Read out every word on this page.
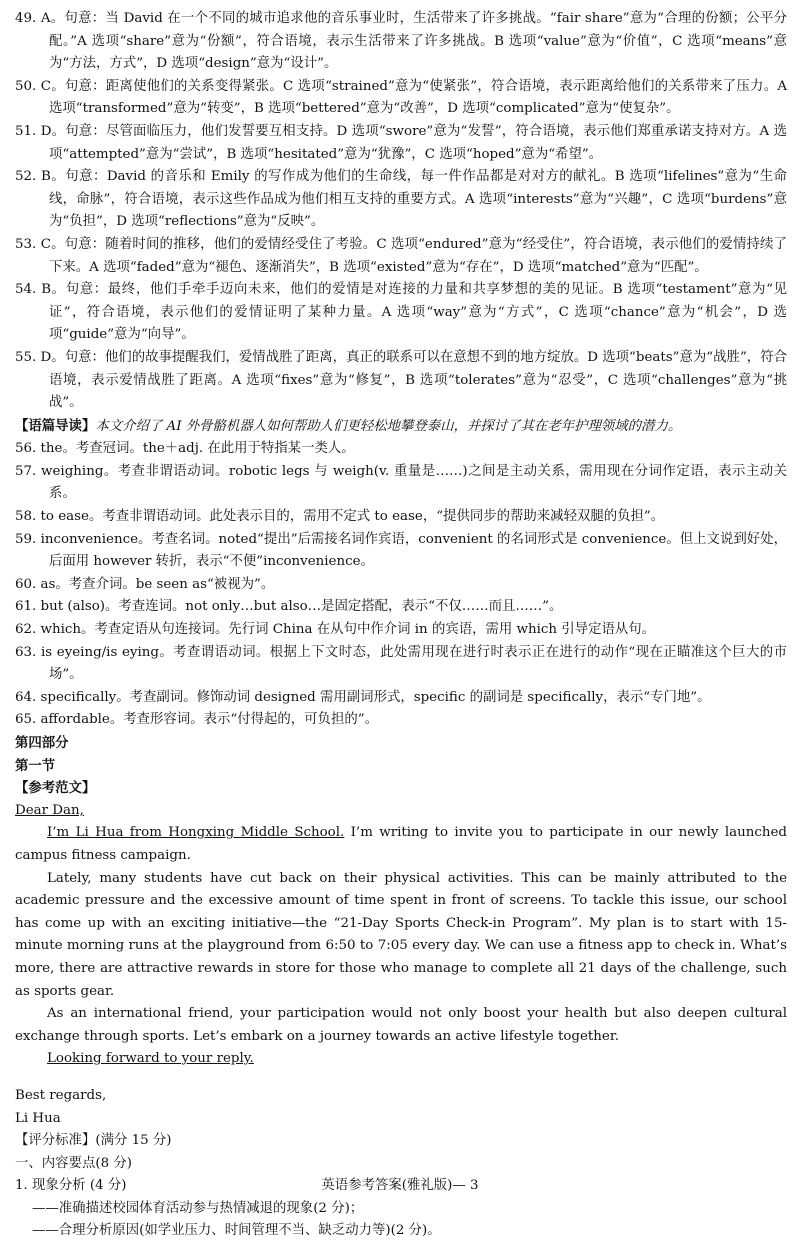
49. A。句意：当 David 在一个不同的城市追求他的音乐事业时，生活带来了许多挑战。“fair share”意为“合理的份额；公平分配。”A 选项“share”意为“份额”，符合语境，表示生活带来了许多挑战。B 选项“value”意为“价值”，C 选项“means”意为“方法，方式”，D 选项“design”意为“设计”。

50. C。句意：距离使他们的关系变得紧张。C 选项“strained”意为“使紧张”，符合语境，表示距离给他们的关系带来了压力。A 选项“transformed”意为“转变”，B 选项“bettered”意为“改善”，D 选项“complicated”意为“使复杂”。

51. D。句意：尽管面临压力，他们发誓要互相支持。D 选项“swore”意为“发誓”，符合语境，表示他们郑重承诺支持对方。A 选项“attempted”意为“尝试”，B 选项“hesitated”意为“犹豫”，C 选项“hoped”意为“希望”。

52. B。句意：David 的音乐和 Emily 的写作成为他们的生命线，每一件作品都是对对方的献礼。B 选项“lifelines”意为“生命线，命脉”，符合语境，表示这些作品成为他们相互支持的重要方式。A 选项“interests”意为“兴趣”，C 选项“burdens”意为“负担”，D 选项“reflections”意为“反映”。

53. C。句意：随着时间的推移，他们的爱情经受住了考验。C 选项“endured”意为“经受住”，符合语境，表示他们的爱情持续了下来。A 选项“faded”意为“褪色、逐渐消失”，B 选项“existed”意为“存在”，D 选项“matched”意为“匹配”。

54. B。句意：最终，他们手牵手迈向未来，他们的爱情是对连接的力量和共享梦想的美的见证。B 选项“testament”意为“见证”，符合语境，表示他们的爱情证明了某种力量。A 选项“way”意为“方式”，C 选项“chance”意为“机会”，D 选项“guide”意为“向导”。

55. D。句意：他们的故事提醒我们，爱情战胜了距离，真正的联系可以在意想不到的地方绽放。D 选项“beats”意为“战胜”，符合语境，表示爱情战胜了距离。A 选项“fixes”意为“修复”，B 选项“tolerates”意为“忍受”，C 选项“challenges”意为“挑战”。

【语篇导读】本文介绍了 AI 外骨骼机器人如何帮助人们更轻松地攀登泰山，并探讨了其在老年护理领域的潜力。

56. the。考查冠词。the＋adj. 在此用于特指某一类人。

57. weighing。考查非谓语动词。robotic legs 与 weigh(v. 重量是……)之间是主动关系，需用现在分词作定语，表示主动关系。

58. to ease。考查非谓语动词。此处表示目的，需用不定式 to ease，“提供同步的帮助来减轻双腿的负担”。

59. inconvenience。考查名词。noted“提出”后需接名词作宾语，convenient 的名词形式是 convenience。但上文说到好处，后面用 however 转折，表示“不便”inconvenience。

60. as。考查介词。be seen as“被视为”。

61. but (also)。考查连词。not only…but also…是固定搭配，表示“不仅……而且……”。

62. which。考查定语从句连接词。先行词 China 在从句中作介词 in 的宾语，需用 which 引导定语从句。

63. is eyeing/is eying。考查谓语动词。根据上下文时态，此处需用现在进行时表示正在进行的动作“现在正瞄准这个巨大的市场”。

64. specifically。考查副词。修饰动词 designed 需用副词形式，specific 的副词是 specifically，表示“专门地”。

65. affordable。考查形容词。表示“付得起的，可负担的”。

第四部分

第一节

【参考范文】

Dear Dan,

I’m Li Hua from Hongxing Middle School. I’m writing to invite you to participate in our newly launched campus fitness campaign.

Lately, many students have cut back on their physical activities. This can be mainly attributed to the academic pressure and the excessive amount of time spent in front of screens. To tackle this issue, our school has come up with an exciting initiative—the “21-Day Sports Check-in Program”. My plan is to start with 15-minute morning runs at the playground from 6:50 to 7:05 every day. We can use a fitness app to check in. What’s more, there are attractive rewards in store for those who manage to complete all 21 days of the challenge, such as sports gear.

As an international friend, your participation would not only boost your health but also deepen cultural exchange through sports. Let’s embark on a journey towards an active lifestyle together.

Looking forward to your reply.

Best regards,

Li Hua

【评分标准】(满分 15 分)

一、内容要点(8 分)

1. 现象分析 (4 分)

——准确描述校园体育活动参与热情减退的现象(2 分)；

——合理分析原因(如学业压力、时间管理不当、缺乏动力等)(2 分)。

英语参考答案(雅礼版)— 3
